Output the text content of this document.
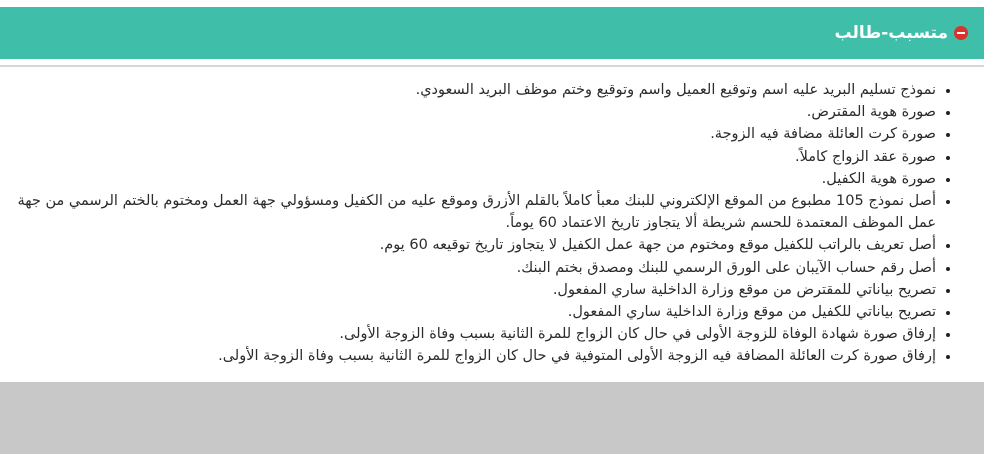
متسبب-طالب
• نموذج تسليم البريد عليه اسم وتوقيع العميل واسم وتوقيع وختم موظف البريد السعودي.
• صورة هوية المقترض.
• صورة كرت العائلة مضافة فيه الزوجة.
• صورة عقد الزواج كاملاً.
• صورة هوية الكفيل.
• أصل نموذج 105 مطبوع من الموقع الإلكتروني للبنك معبأ كاملاً بالقلم الأزرق وموقع عليه من الكفيل ومسؤولي جهة العمل ومختوم بالختم الرسمي من جهة عمل الموظف المعتمدة للحسم شريطة ألا يتجاوز تاريخ الاعتماد 60 يوماً.
• أصل تعريف بالراتب للكفيل موقع ومختوم من جهة عمل الكفيل لا يتجاوز تاريخ توقيعه 60 يوم.
• أصل رقم حساب الآيبان على الورق الرسمي للبنك ومصدق بختم البنك.
• تصريح بياناتي للمقترض من موقع وزارة الداخلية ساري المفعول.
• تصريح بياناتي للكفيل من موقع وزارة الداخلية ساري المفعول.
• إرفاق صورة شهادة الوفاة للزوجة الأولى في حال كان الزواج للمرة الثانية بسبب وفاة الزوجة الأولى.
• إرفاق صورة كرت العائلة المضافة فيه الزوجة الأولى المتوفية في حال كان الزواج للمرة الثانية بسبب وفاة الزوجة الأولى.
